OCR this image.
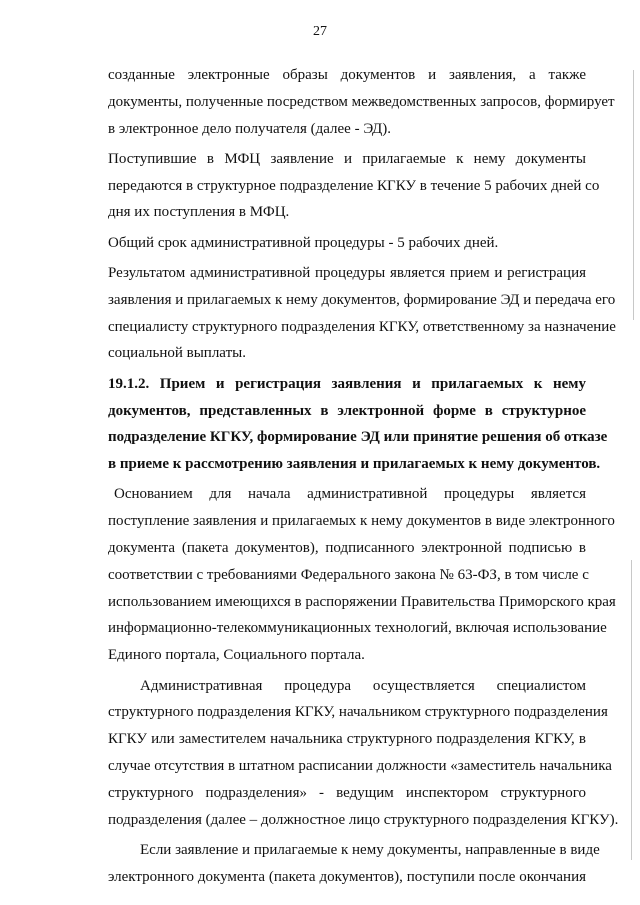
27

созданные электронные образы документов и заявления, а также
документы, полученные посредством межведомственных запросов, формирует
в электронное дело получателя (далее - ЭД).

Поступившие в МФЦ заявление и прилагаемые к нему документы
передаются в структурное подразделение КГКУ в течение 5 рабочих дней со
дня их поступления в МФЦ.

Общий срок административной процедуры - 5 рабочих дней.

Результатом административной процедуры является прием и регистрация
заявления и прилагаемых к нему документов, формирование ЭД и передача его
специалисту структурного подразделения КГКУ, ответственному за назначение
социальной выплаты.

19.1.2. Прием и регистрация заявления и прилагаемых к нему
документов, представленных в электронной форме в структурное
подразделение КГКУ, формирование ЭД или принятие решения об отказе
в приеме к рассмотрению заявления и прилагаемых к нему документов.

Основанием для начала административной процедуры является
поступление заявления и прилагаемых к нему документов в виде электронного
документа (пакета документов), подписанного электронной подписью в
соответствии с требованиями Федерального закона № 63-ФЗ, в том числе с
использованием имеющихся в распоряжении Правительства Приморского края
информационно-телекоммуникационных технологий, включая использование
Единого портала, Социального портала.

Административная процедура осуществляется специалистом
структурного подразделения КГКУ, начальником структурного подразделения
КГКУ или заместителем начальника структурного подразделения КГКУ, в
случае отсутствия в штатном расписании должности «заместитель начальника
структурного подразделения» - ведущим инспектором структурного
подразделения (далее – должностное лицо структурного подразделения КГКУ).

Если заявление и прилагаемые к нему документы, направленные в виде
электронного документа (пакета документов), поступили после окончания
